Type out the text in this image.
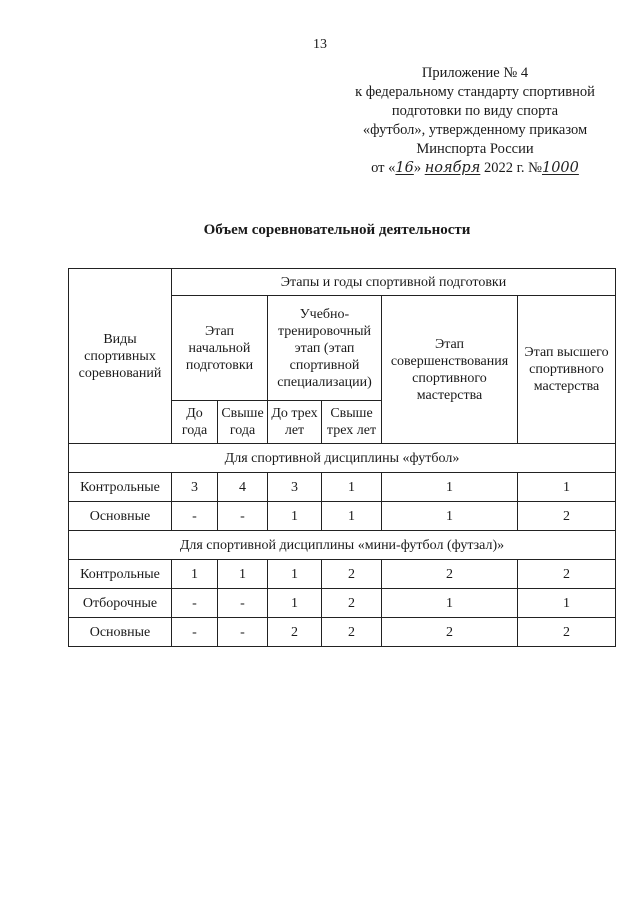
13
Приложение № 4
к федеральному стандарту спортивной
подготовки по виду спорта
«футбол», утвержденному приказом
Минспорта России
от «16» ноября 2022 г. №1000
Объем соревновательной деятельности
Виды спортивных соревнований	Этапы и годы спортивной подготовки					
	Этап начальной подготовки		Учебно-тренировочный этап (этап спортивной специализации)		Этап совершенствования спортивного мастерства	Этап высшего спортивного мастерства
	До года	Свыше года	До трех лет	Свыше трех лет		
Для спортивной дисциплины «футбол»						
Контрольные	3	4	3	1	1	1
Основные	-	-	1	1	1	2
Для спортивной дисциплины «мини-футбол (футзал)»						
Контрольные	1	1	1	2	2	2
Отборочные	-	-	1	2	1	1
Основные	-	-	2	2	2	2
